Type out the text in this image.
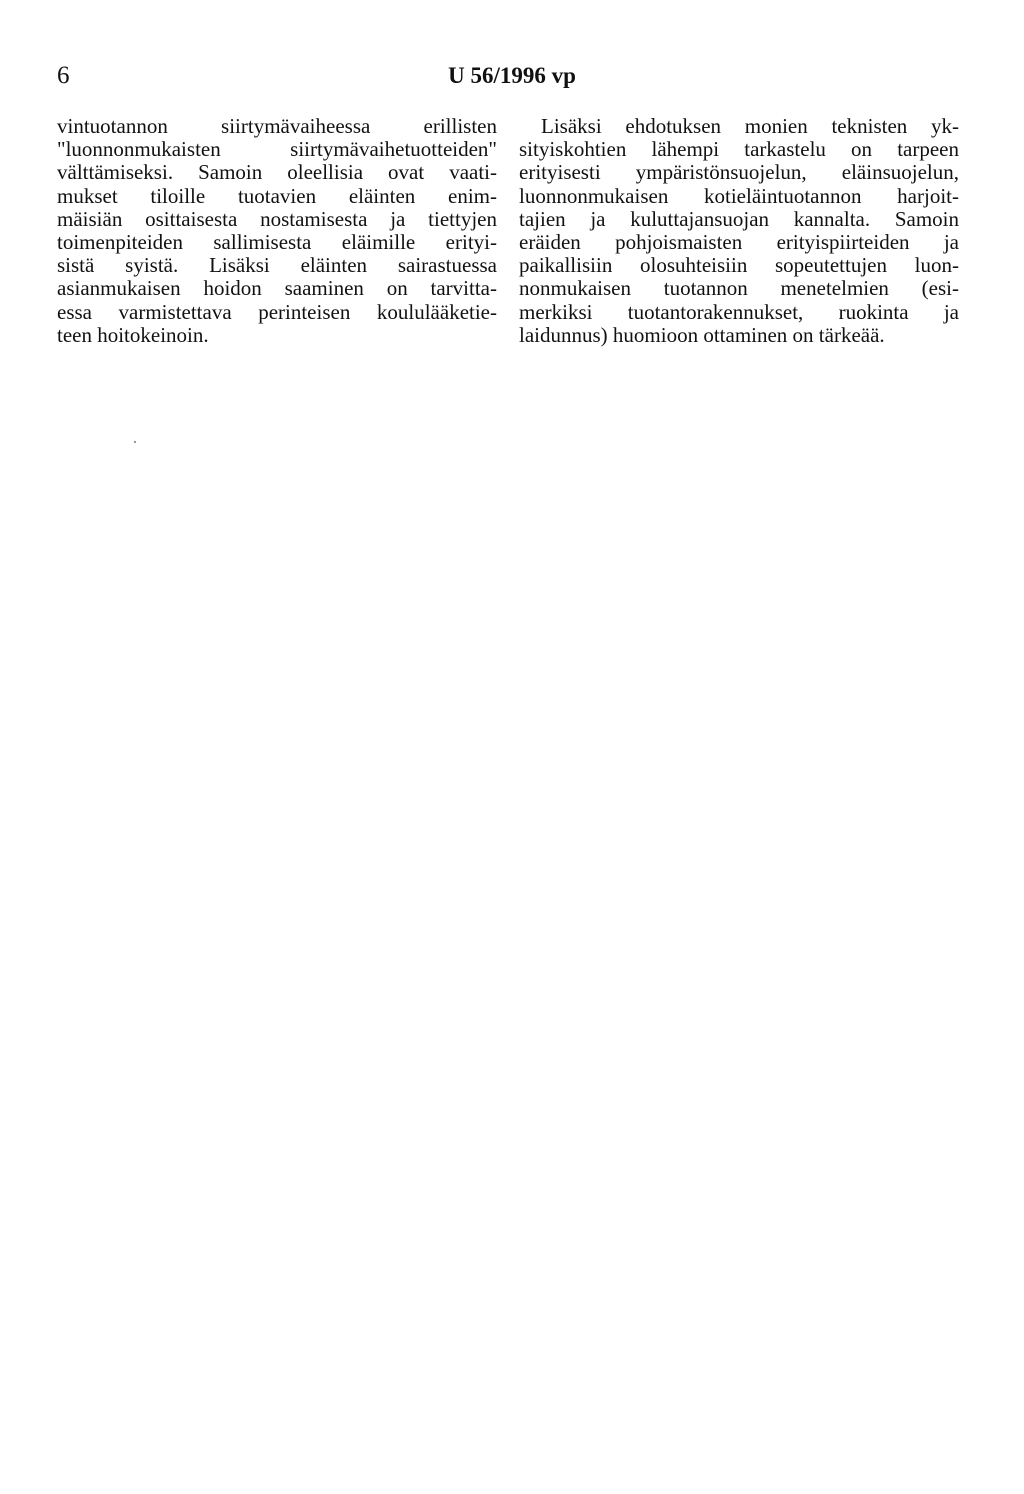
6	U 56/1996 vp
vintuotannon siirtymävaiheessa erillisten
"luonnonmukaisten siirtymävaihetuotteiden"
välttämiseksi. Samoin oleellisia ovat vaati-
mukset tiloille tuotavien eläinten enim-
mäisiän osittaisesta nostamisesta ja tiettyjen
toimenpiteiden sallimisesta eläimille erityi-
sistä syistä. Lisäksi eläinten sairastuessa
asianmukaisen hoidon saaminen on tarvitta-
essa varmistettava perinteisen koululääketie-
teen hoitokeinoin.
Lisäksi ehdotuksen monien teknisten yk-
sityiskohtien lähempi tarkastelu on tarpeen
erityisesti ympäristönsuojelun, eläinsuojelun,
luonnonmukaisen kotieläintuotannon harjoit-
tajien ja kuluttajansuojan kannalta. Samoin
eräiden pohjoismaisten erityispiirteiden ja
paikallisiin olosuhteisiin sopeutettujen luon-
nonmukaisen tuotannon menetelmien (esi-
merkiksi tuotantorakennukset, ruokinta ja
laidunnus) huomioon ottaminen on tärkeää.
